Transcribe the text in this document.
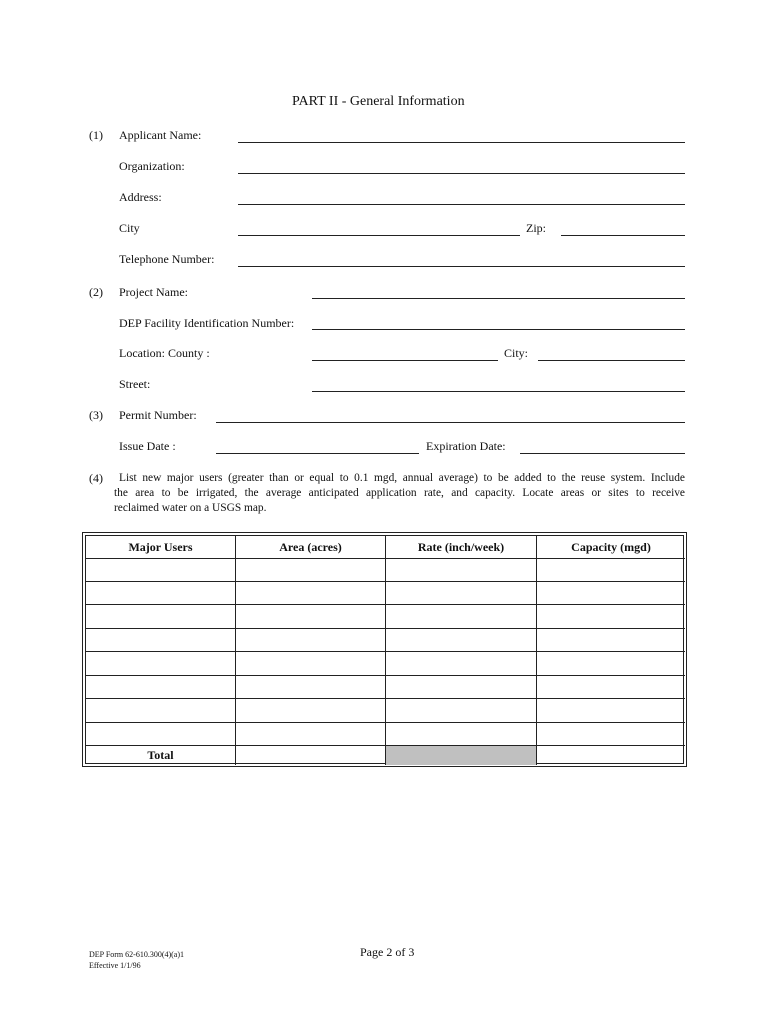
PART II - General Information
(1) Applicant Name:
Organization:
Address:
City	Zip:
Telephone Number:
(2) Project Name:
DEP Facility Identification Number:
Location: County :	City:
Street:
(3) Permit Number:
Issue Date :	Expiration Date:
(4) List new major users (greater than or equal to 0.1 mgd, annual average) to be added to the reuse system. Include
the area to be irrigated, the average anticipated application rate, and capacity. Locate areas or sites to receive
reclaimed water on a USGS map.
Major Users	Area (acres)	Rate (inch/week)	Capacity (mgd)
Total
DEP Form 62-610.300(4)(a)1
Effective 1/1/96
Page 2 of 3
